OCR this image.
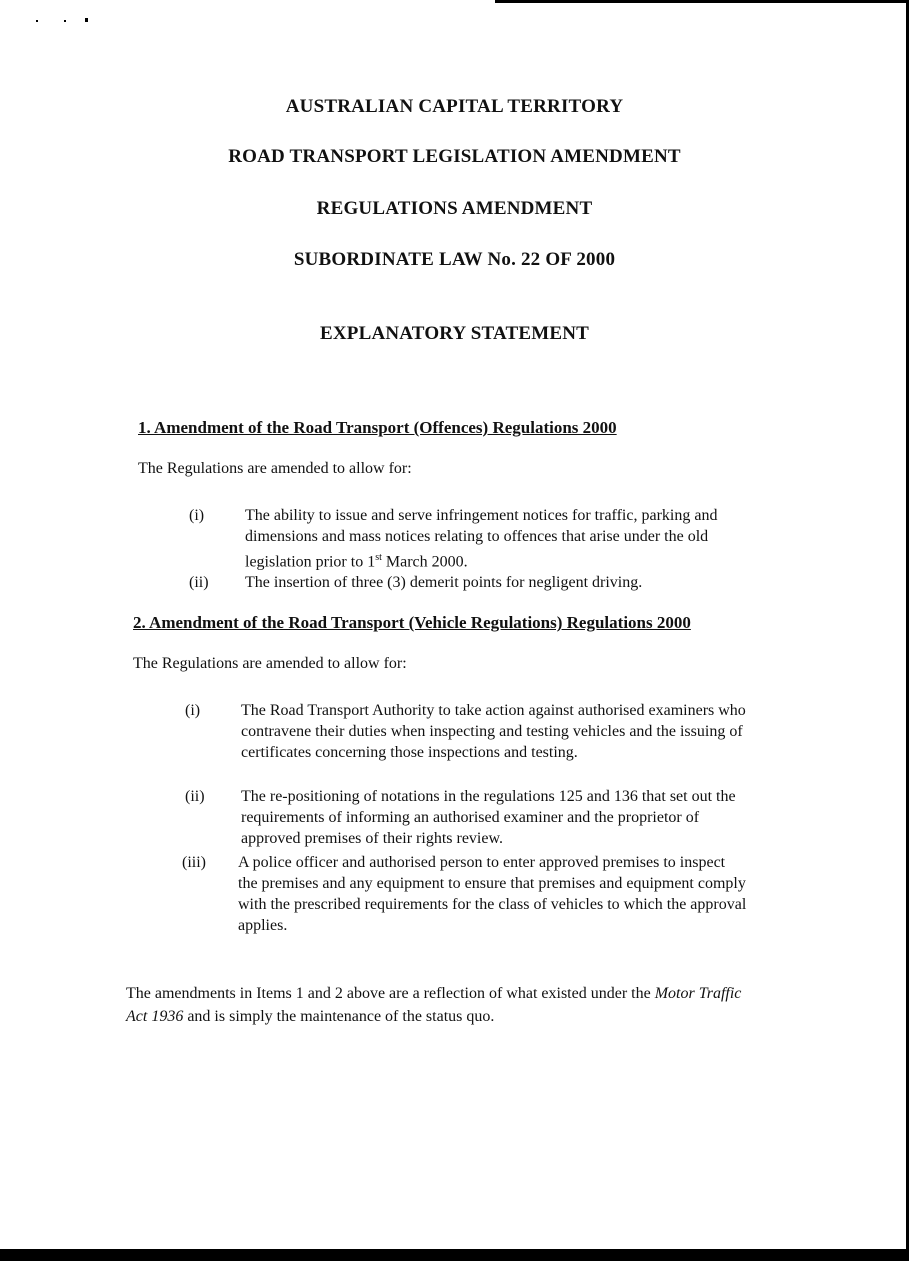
AUSTRALIAN CAPITAL TERRITORY
ROAD TRANSPORT LEGISLATION AMENDMENT
REGULATIONS AMENDMENT
SUBORDINATE LAW No. 22 OF 2000
EXPLANATORY STATEMENT
1. Amendment of the Road Transport (Offences) Regulations 2000
The Regulations are amended to allow for:
(i)	The ability to issue and serve infringement notices for traffic, parking and dimensions and mass notices relating to offences that arise under the old legislation prior to 1st March 2000.
(ii) The insertion of three (3) demerit points for negligent driving.
2. Amendment of the Road Transport (Vehicle Regulations) Regulations 2000
The Regulations are amended to allow for:
(i)	The Road Transport Authority to take action against authorised examiners who contravene their duties when inspecting and testing vehicles and the issuing of certificates concerning those inspections and testing.
(ii) The re-positioning of notations in the regulations 125 and 136 that set out the requirements of informing an authorised examiner and the proprietor of approved premises of their rights review.
(iii) A police officer and authorised person to enter approved premises to inspect the premises and any equipment to ensure that premises and equipment comply with the prescribed requirements for the class of vehicles to which the approval applies.
The amendments in Items 1 and 2 above are a reflection of what existed under the Motor Traffic Act 1936 and is simply the maintenance of the status quo.
